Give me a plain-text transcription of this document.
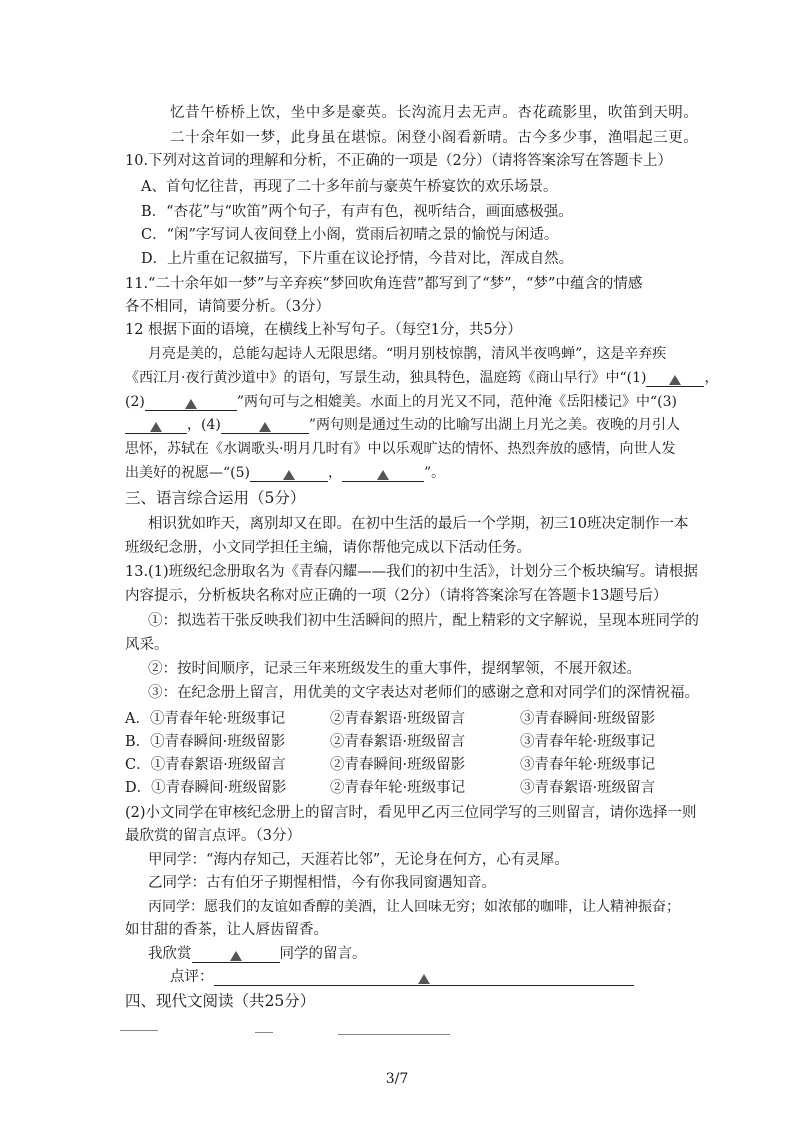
忆昔午桥桥上饮，坐中多是豪英。长沟流月去无声。杏花疏影里，吹笛到天明。
二十余年如一梦，此身虽在堪惊。闲登小阁看新晴。古今多少事，渔唱起三更。
10.下列对这首词的理解和分析，不正确的一项是（2分）（请将答案涂写在答题卡上）
A、首句忆往昔，再现了二十多年前与豪英午桥宴饮的欢乐场景。
B．“杏花”与“吹笛”两个句子，有声有色，视听结合，画面感极强。
C．“闲”字写词人夜间登上小阁，赏雨后初晴之景的愉悦与闲适。
D．上片重在记叙描写，下片重在议论抒情，今昔对比，浑成自然。
11.“二十余年如一梦”与辛弃疾“梦回吹角连营”都写到了“梦”，“梦”中蕴含的情感
各不相同，请简要分析。（3分）
12 根据下面的语境，在横线上补写句子。（每空1分，共5分）
月亮是美的，总能勾起诗人无限思绪。“明月别枝惊鹊，清风半夜鸣蝉”，这是辛弃疾
《西江月·夜行黄沙道中》的语句，写景生动，独具特色，温庭筠《商山早行》中“(1)	，
(2)	”两句可与之相媲美。水面上的月光又不同，范仲淹《岳阳楼记》中“(3)
，(4)	”两句则是通过生动的比喻写出湖上月光之美。夜晚的月引人
思怀，苏轼在《水调歌头·明月几时有》中以乐观旷达的情怀、热烈奔放的感情，向世人发
出美好的祝愿—“(5)	，	”。
三、语言综合运用（5分）
相识犹如昨天，离别却又在即。在初中生活的最后一个学期，初三10班决定制作一本
班级纪念册，小文同学担任主编，请你帮他完成以下活动任务。
13.(1)班级纪念册取名为《青春闪耀——我们的初中生活》，计划分三个板块编写。请根据
内容提示，分析板块名称对应正确的一项（2分）（请将答案涂写在答题卡13题号后）
①：拟选若干张反映我们初中生活瞬间的照片，配上精彩的文字解说，呈现本班同学的
风采。
②：按时间顺序，记录三年来班级发生的重大事件，提纲挈领，不展开叙述。
③：在纪念册上留言，用优美的文字表达对老师们的感谢之意和对同学们的深情祝福。
A．①青春年轮·班级事记	②青春絮语·班级留言	③青春瞬间·班级留影
B．①青春瞬间·班级留影	②青春絮语·班级留言	③青春年轮·班级事记
C．①青春絮语·班级留言	②青春瞬间·班级留影	③青春年轮·班级事记
D．①青春瞬间·班级留影	②青春年轮·班级事记	③青春絮语·班级留言
(2)小文同学在审核纪念册上的留言时，看见甲乙丙三位同学写的三则留言，请你选择一则
最欣赏的留言点评。（3分）
甲同学：“海内存知己，天涯若比邻”，无论身在何方，心有灵犀。
乙同学：古有伯牙子期惺相惜，今有你我同窗遇知音。
丙同学：愿我们的友谊如香醇的美酒，让人回味无穷；如浓郁的咖啡，让人精神振奋；
如甘甜的香茶，让人唇齿留香。
我欣赏	同学的留言。
点评：
四、现代文阅读（共25分）
3/7
